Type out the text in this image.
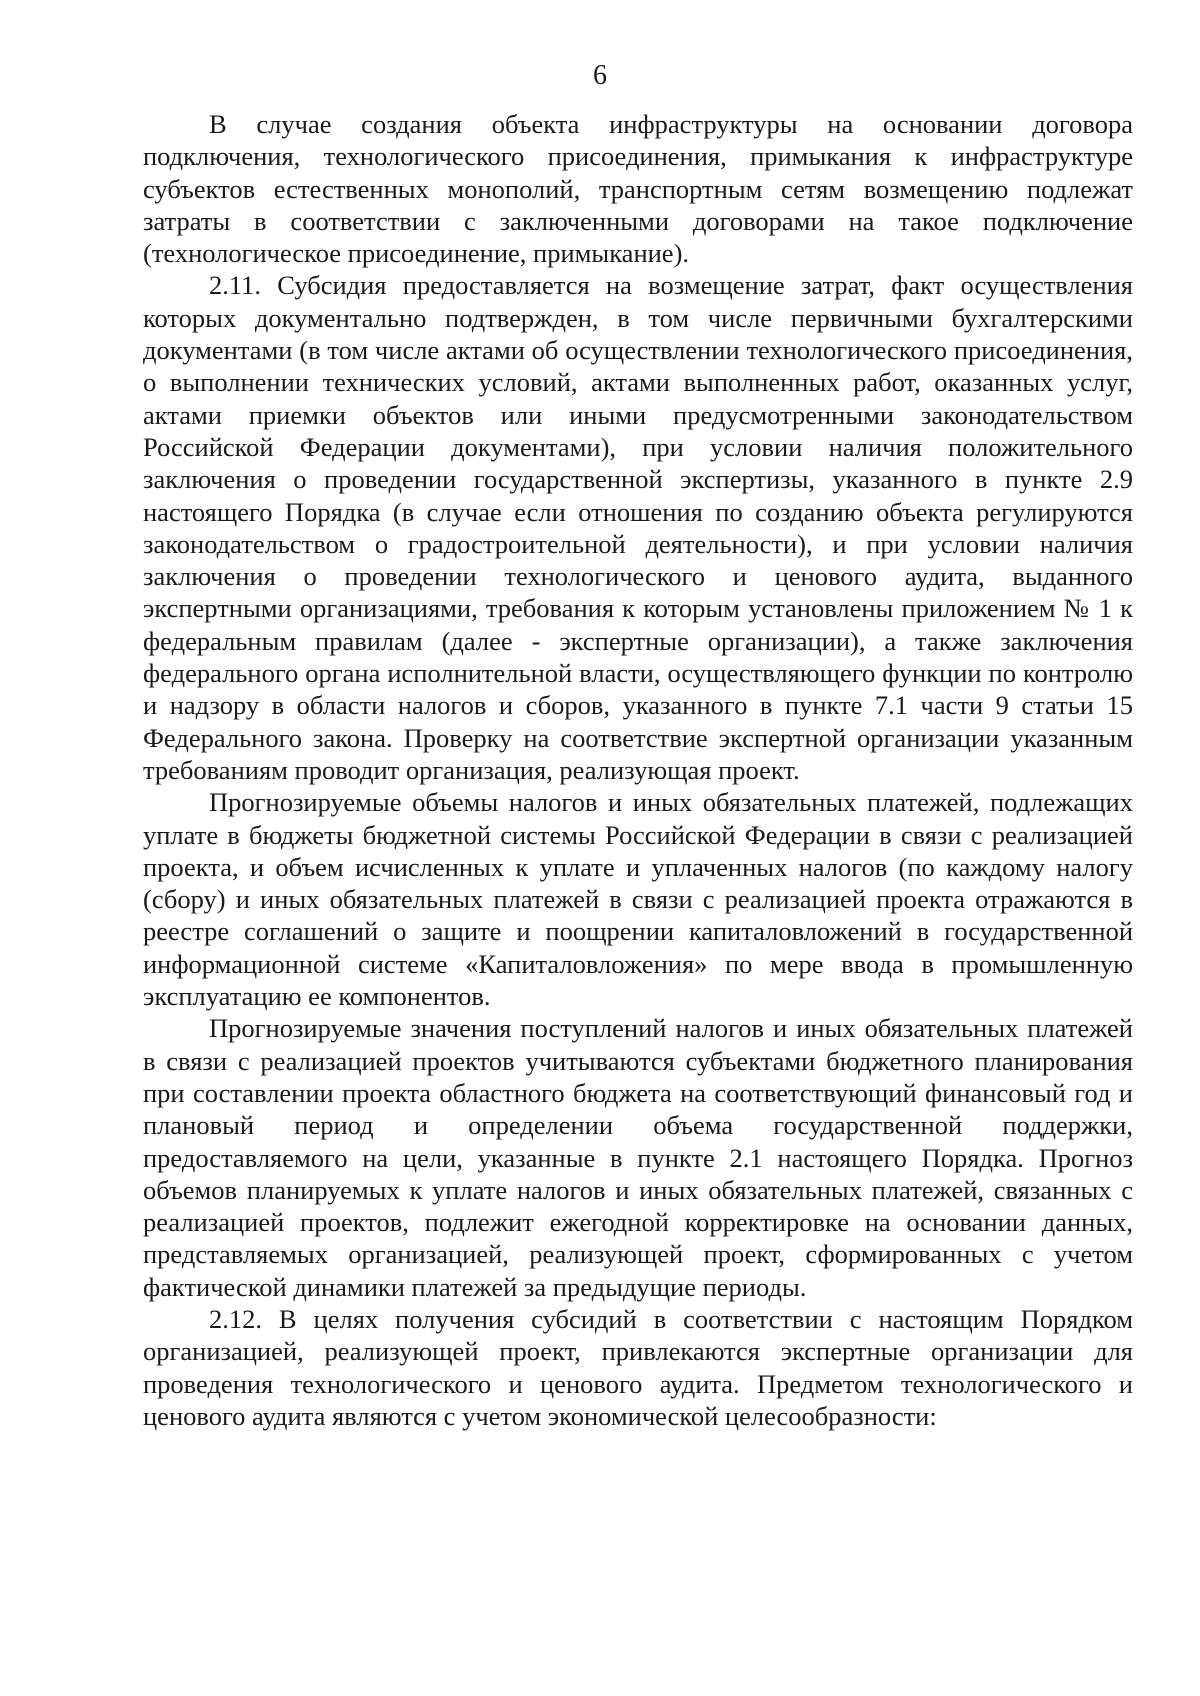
6

В случае создания объекта инфраструктуры на основании договора подключения, технологического присоединения, примыкания к инфраструктуре субъектов естественных монополий, транспортным сетям возмещению подлежат затраты в соответствии с заключенными договорами на такое подключение (технологическое присоединение, примыкание).

2.11. Субсидия предоставляется на возмещение затрат, факт осуществления которых документально подтвержден, в том числе первичными бухгалтерскими документами (в том числе актами об осуществлении технологического присоединения, о выполнении технических условий, актами выполненных работ, оказанных услуг, актами приемки объектов или иными предусмотренными законодательством Российской Федерации документами), при условии наличия положительного заключения о проведении государственной экспертизы, указанного в пункте 2.9 настоящего Порядка (в случае если отношения по созданию объекта регулируются законодательством о градостроительной деятельности), и при условии наличия заключения о проведении технологического и ценового аудита, выданного экспертными организациями, требования к которым установлены приложением № 1 к федеральным правилам (далее - экспертные организации), а также заключения федерального органа исполнительной власти, осуществляющего функции по контролю и надзору в области налогов и сборов, указанного в пункте 7.1 части 9 статьи 15 Федерального закона. Проверку на соответствие экспертной организации указанным требованиям проводит организация, реализующая проект.

Прогнозируемые объемы налогов и иных обязательных платежей, подлежащих уплате в бюджеты бюджетной системы Российской Федерации в связи с реализацией проекта, и объем исчисленных к уплате и уплаченных налогов (по каждому налогу (сбору) и иных обязательных платежей в связи с реализацией проекта отражаются в реестре соглашений о защите и поощрении капиталовложений в государственной информационной системе «Капиталовложения» по мере ввода в промышленную эксплуатацию ее компонентов.

Прогнозируемые значения поступлений налогов и иных обязательных платежей в связи с реализацией проектов учитываются субъектами бюджетного планирования при составлении проекта областного бюджета на соответствующий финансовый год и плановый период и определении объема государственной поддержки, предоставляемого на цели, указанные в пункте 2.1 настоящего Порядка. Прогноз объемов планируемых к уплате налогов и иных обязательных платежей, связанных с реализацией проектов, подлежит ежегодной корректировке на основании данных, представляемых организацией, реализующей проект, сформированных с учетом фактической динамики платежей за предыдущие периоды.

2.12. В целях получения субсидий в соответствии с настоящим Порядком организацией, реализующей проект, привлекаются экспертные организации для проведения технологического и ценового аудита. Предметом технологического и ценового аудита являются с учетом экономической целесообразности:
